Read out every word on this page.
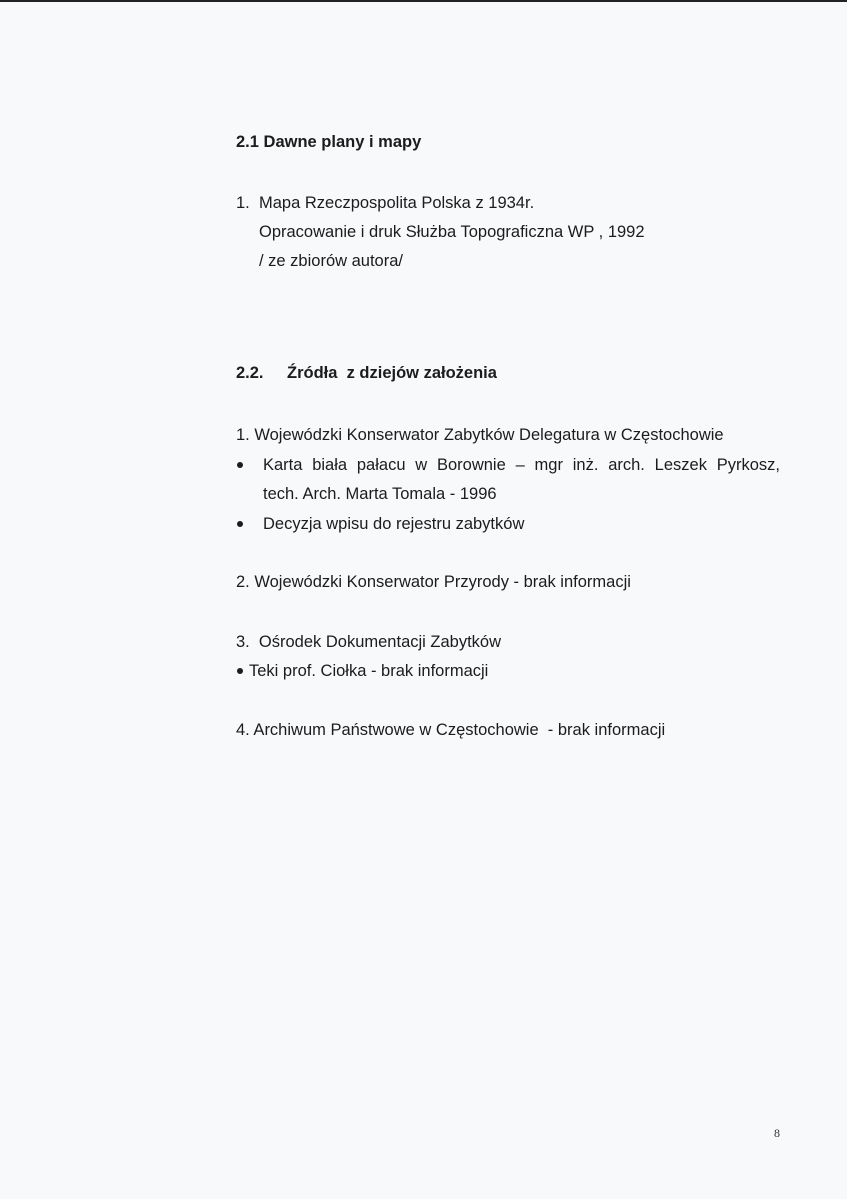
2.1 Dawne plany i mapy
1. Mapa Rzeczpospolita Polska z 1934r.
Opracowanie i druk Służba Topograficzna WP , 1992
/ ze zbiorów autora/
2.2. Źródła  z dziejów założenia
1. Wojewódzki Konserwator Zabytków Delegatura w Częstochowie
Karta biała pałacu w Borownie – mgr inż. arch. Leszek Pyrkosz,
tech. Arch. Marta Tomala - 1996
Decyzja wpisu do rejestru zabytków
2. Wojewódzki Konserwator Przyrody - brak informacji
3.  Ośrodek Dokumentacji Zabytków
Teki prof. Ciołka - brak informacji
4. Archiwum Państwowe w Częstochowie  - brak informacji
8
